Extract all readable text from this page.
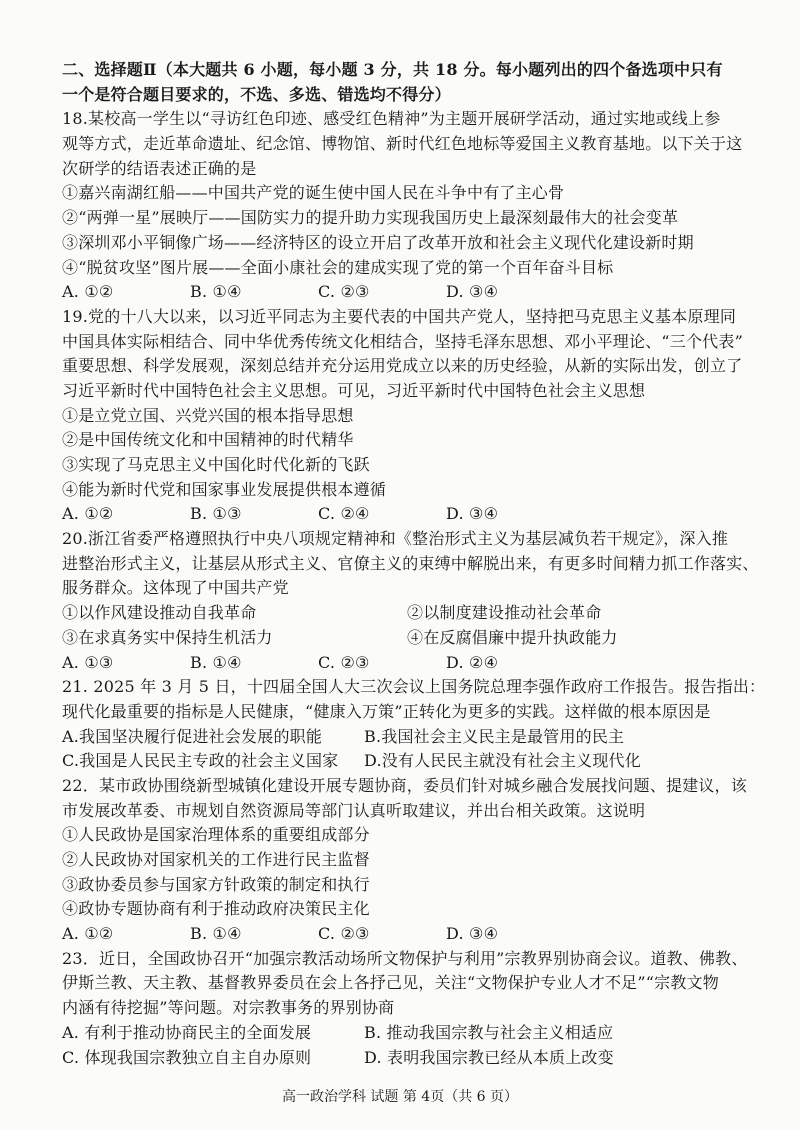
二、选择题Ⅱ（本大题共 6 小题，每小题 3 分，共 18 分。每小题列出的四个备选项中只有
一个是符合题目要求的，不选、多选、错选均不得分）
18.某校高一学生以“寻访红色印迹、感受红色精神”为主题开展研学活动，通过实地或线上参
观等方式，走近革命遗址、纪念馆、博物馆、新时代红色地标等爱国主义教育基地。以下关于这
次研学的结语表述正确的是
①嘉兴南湖红船——中国共产党的诞生使中国人民在斗争中有了主心骨
②“两弹一星”展映厅——国防实力的提升助力实现我国历史上最深刻最伟大的社会变革
③深圳邓小平铜像广场——经济特区的设立开启了改革开放和社会主义现代化建设新时期
④“脱贫攻坚”图片展——全面小康社会的建成实现了党的第一个百年奋斗目标
A. ①②	B. ①④	C. ②③	D. ③④
19.党的十八大以来，以习近平同志为主要代表的中国共产党人，坚持把马克思主义基本原理同
中国具体实际相结合、同中华优秀传统文化相结合，坚持毛泽东思想、邓小平理论、“三个代表”
重要思想、科学发展观，深刻总结并充分运用党成立以来的历史经验，从新的实际出发，创立了
习近平新时代中国特色社会主义思想。可见，习近平新时代中国特色社会主义思想
①是立党立国、兴党兴国的根本指导思想
②是中国传统文化和中国精神的时代精华
③实现了马克思主义中国化时代化新的飞跃
④能为新时代党和国家事业发展提供根本遵循
A. ①②	B. ①③	C. ②④	D. ③④
20.浙江省委严格遵照执行中央八项规定精神和《整治形式主义为基层减负若干规定》，深入推
进整治形式主义，让基层从形式主义、官僚主义的束缚中解脱出来，有更多时间精力抓工作落实、
服务群众。这体现了中国共产党
①以作风建设推动自我革命	②以制度建设推动社会革命
③在求真务实中保持生机活力	④在反腐倡廉中提升执政能力
A. ①③	B. ①④	C. ②③	D. ②④
21. 2025 年 3 月 5 日，十四届全国人大三次会议上国务院总理李强作政府工作报告。报告指出：
现代化最重要的指标是人民健康，“健康入万策”正转化为更多的实践。这样做的根本原因是
A.我国坚决履行促进社会发展的职能	B.我国社会主义民主是最管用的民主
C.我国是人民民主专政的社会主义国家	D.没有人民民主就没有社会主义现代化
22．某市政协围绕新型城镇化建设开展专题协商，委员们针对城乡融合发展找问题、提建议，该
市发展改革委、市规划自然资源局等部门认真听取建议，并出台相关政策。这说明
①人民政协是国家治理体系的重要组成部分
②人民政协对国家机关的工作进行民主监督
③政协委员参与国家方针政策的制定和执行
④政协专题协商有利于推动政府决策民主化
A. ①②	B. ①④	C. ②③	D. ③④
23．近日，全国政协召开“加强宗教活动场所文物保护与利用”宗教界别协商会议。道教、佛教、
伊斯兰教、天主教、基督教界委员在会上各抒己见，关注“文物保护专业人才不足”“宗教文物
内涵有待挖掘”等问题。对宗教事务的界别协商
A. 有利于推动协商民主的全面发展	B. 推动我国宗教与社会主义相适应
C. 体现我国宗教独立自主自办原则	D. 表明我国宗教已经从本质上改变
高一政治学科 试题 第 4页（共 6 页）
